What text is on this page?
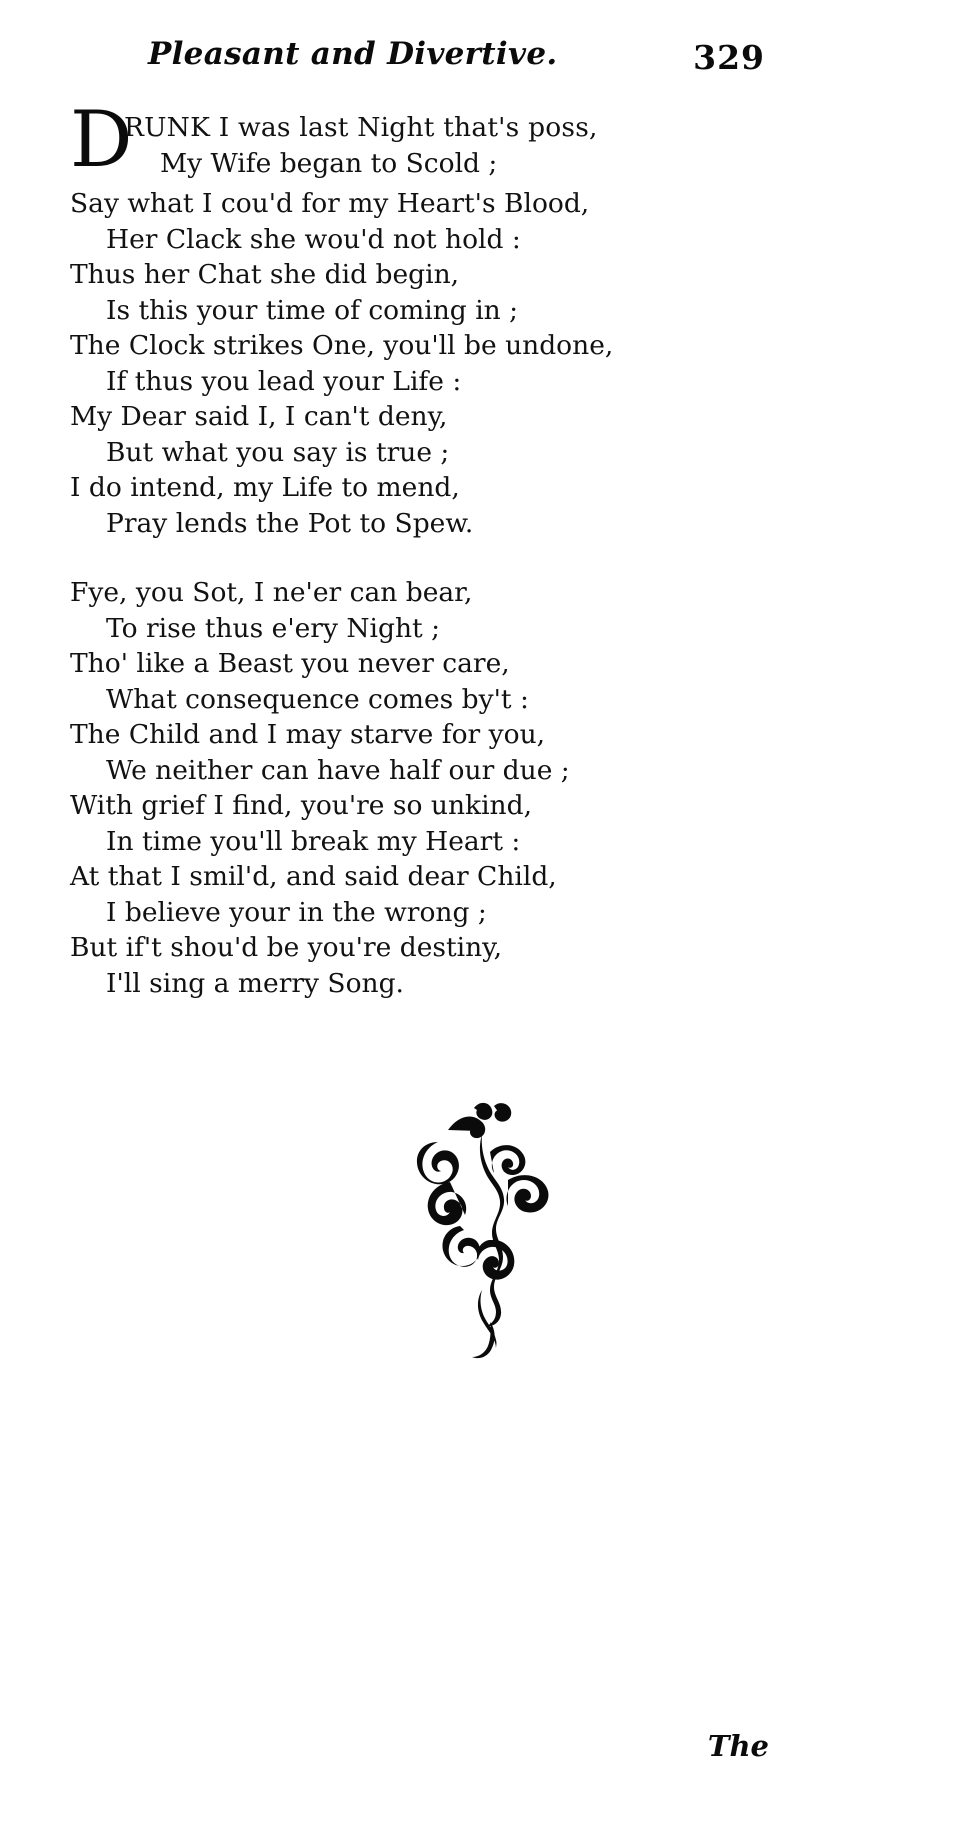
Pleasant and Divertive.	329
D
RUNK I was last Night that's poss,
My Wife began to Scold ;
Say what I cou'd for my Heart's Blood,
Her Clack she wou'd not hold :
Thus her Chat she did begin,
Is this your time of coming in ;
The Clock strikes One, you'll be undone,
If thus you lead your Life :
My Dear said I, I can't deny,
But what you say is true ;
I do intend, my Life to mend,
Pray lends the Pot to Spew.
Fye, you Sot, I ne'er can bear,
To rise thus e'ery Night ;
Tho' like a Beast you never care,
What consequence comes by't :
The Child and I may starve for you,
We neither can have half our due ;
With grief I find, you're so unkind,
In time you'll break my Heart :
At that I smil'd, and said dear Child,
I believe your in the wrong ;
But if't shou'd be you're destiny,
I'll sing a merry Song.
The
